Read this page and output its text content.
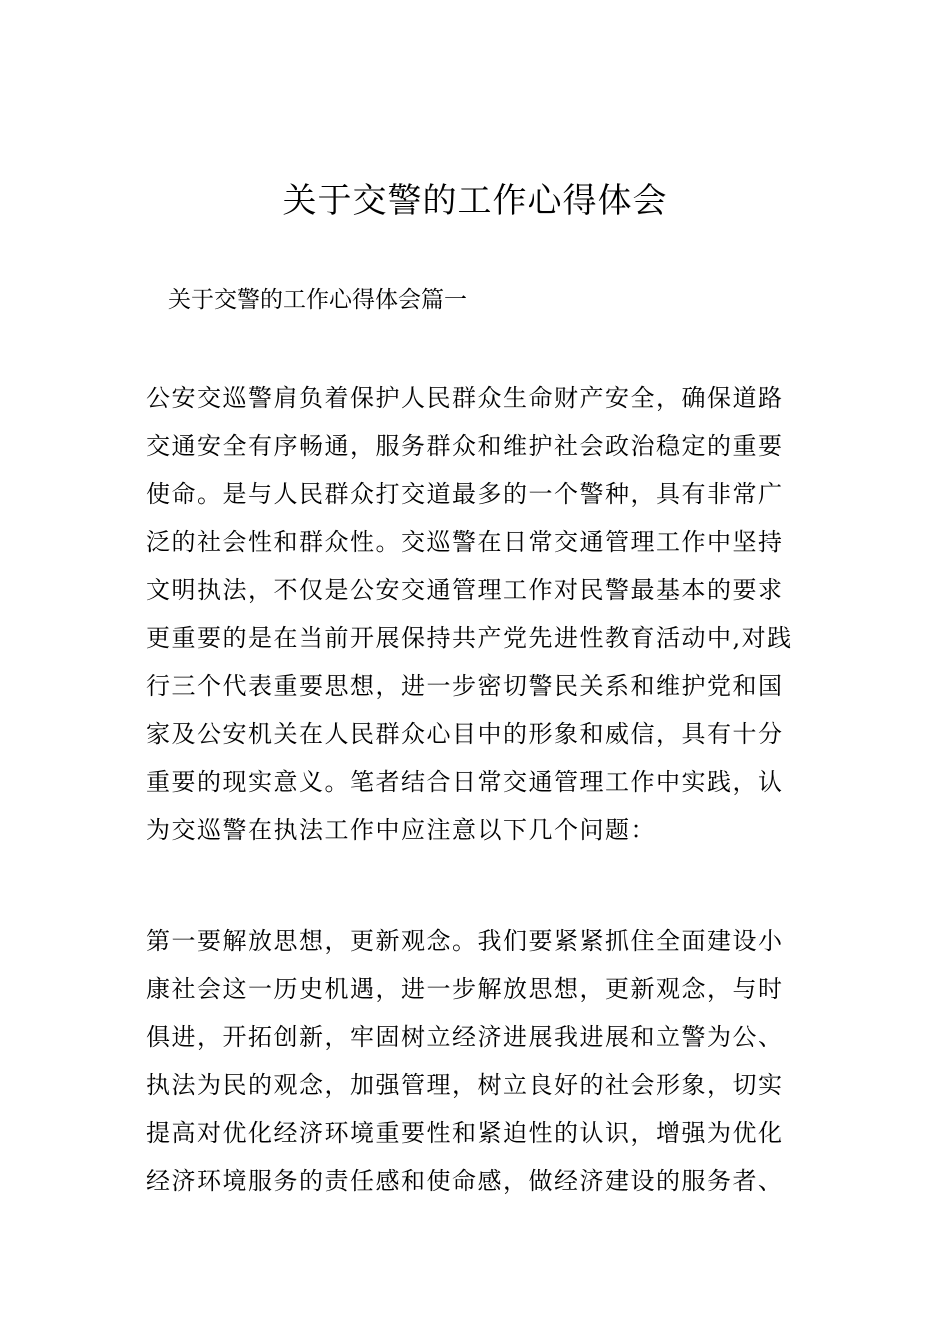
关于交警的工作心得体会

关于交警的工作心得体会篇一

公安交巡警肩负着保护人民群众生命财产安全，确保道路
交通安全有序畅通，服务群众和维护社会政治稳定的重要
使命。是与人民群众打交道最多的一个警种，具有非常广
泛的社会性和群众性。交巡警在日常交通管理工作中坚持
文明执法，不仅是公安交通管理工作对民警最基本的要求
更重要的是在当前开展保持共产党先进性教育活动中,对践
行三个代表重要思想，进一步密切警民关系和维护党和国
家及公安机关在人民群众心目中的形象和威信，具有十分
重要的现实意义。笔者结合日常交通管理工作中实践，认
为交巡警在执法工作中应注意以下几个问题：
第一要解放思想，更新观念。我们要紧紧抓住全面建设小
康社会这一历史机遇，进一步解放思想，更新观念，与时
俱进，开拓创新，牢固树立经济进展我进展和立警为公、
执法为民的观念，加强管理，树立良好的社会形象，切实
提高对优化经济环境重要性和紧迫性的认识，增强为优化
经济环境服务的责任感和使命感，做经济建设的服务者、
